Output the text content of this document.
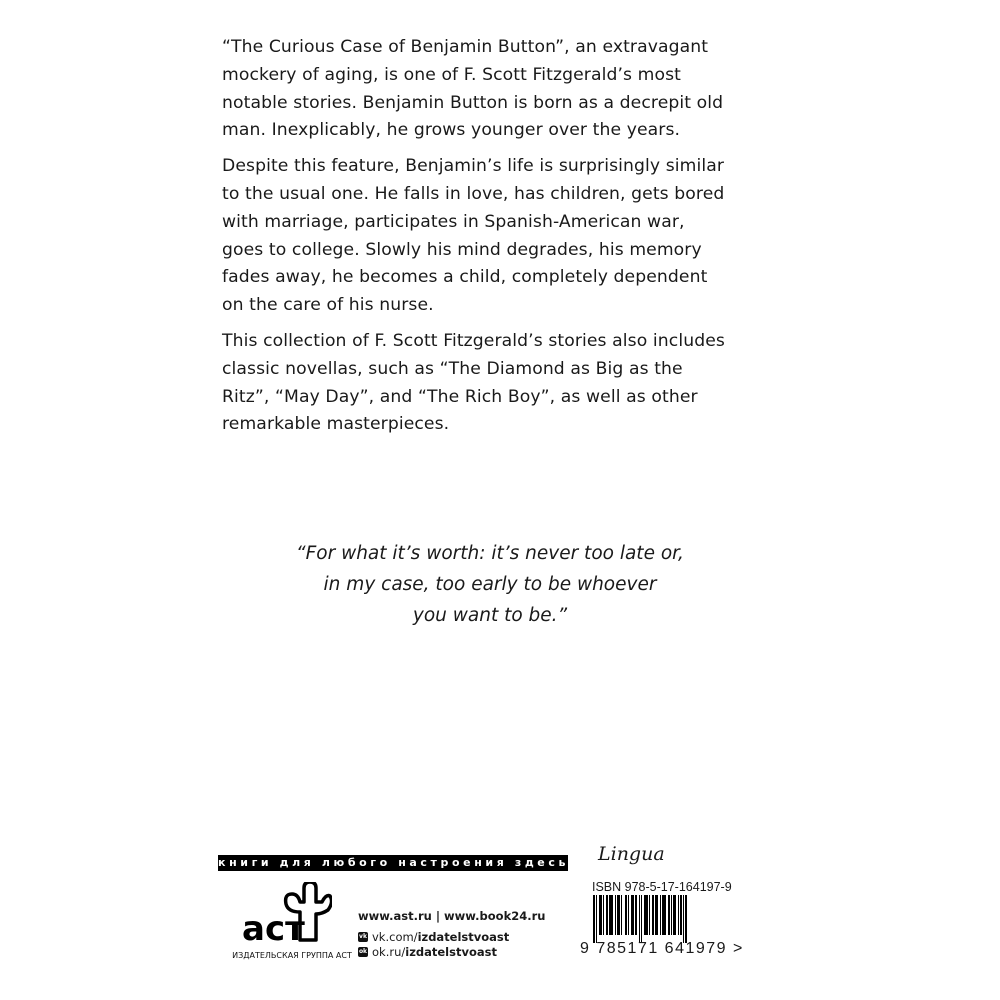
“The Curious Case of Benjamin Button”, an extravagant
mockery of aging, is one of F. Scott Fitzgerald’s most
notable stories. Benjamin Button is born as a decrepit old
man. Inexplicably, he grows younger over the years.

Despite this feature, Benjamin’s life is surprisingly similar
to the usual one. He falls in love, has children, gets bored
with marriage, participates in Spanish-American war,
goes to college. Slowly his mind degrades, his memory
fades away, he becomes a child, completely dependent
on the care of his nurse.

This collection of F. Scott Fitzgerald’s stories also includes
classic novellas, such as “The Diamond as Big as the
Ritz”, “May Day”, and “The Rich Boy”, as well as other
remarkable masterpieces.

“For what it’s worth: it’s never too late or,
in my case, too early to be whoever
you want to be.”
книги для любого настроения здесь
аст
ИЗДАТЕЛЬСКАЯ ГРУППА АСТ
www.ast.ru | www.book24.ru
vk vk.com/ izdatelstvoast
ok ok.ru/ izdatelstvoast
Lingua
ISBN 978-5-17-164197-9
9 785171 641979 >
